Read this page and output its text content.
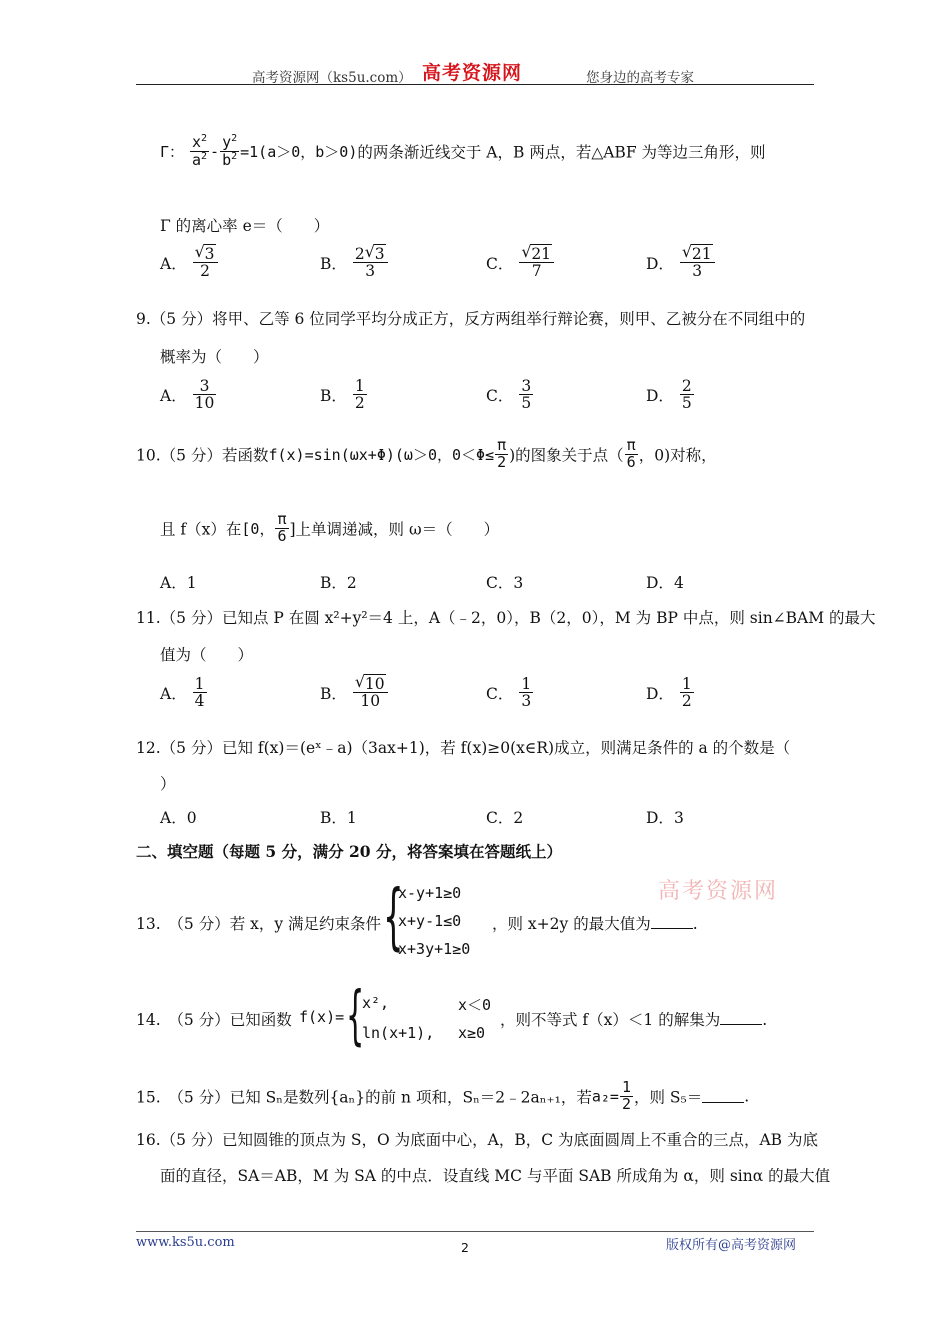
高考资源网（ks5u.com） 高考资源网	您身边的高考专家
Γ： $\frac{x^2}{a^2} - \frac{y^2}{b^2} =1(a>0$，b＞0)的两条渐近线交于 A，B 两点，若△ABF 为等边三角形，则
Γ 的离心率 e＝（　　）
A． $\frac{√ 3}{2}$	B． $\frac{2 √ 3}{3}$	C． $\frac{√ 21}{7}$	D． $\frac{√ 21}{3}$
9.（5 分）将甲、乙等 6 位同学平均分成正方，反方两组举行辩论赛，则甲、乙被分在不同组中的
概率为（　　）
A． $\frac{3}{10}$	B． $\frac{1}{2}$	C． $\frac{3}{5}$	D． $\frac{2}{5}$
10.（5 分）若函数f(x)=sin(ωx+Φ)(ω＞0，$0<\Phi\le \frac{\pi}{2}$ )的图象关于点（ $\frac{\pi}{6}$ ，0)对称，
且 f（x）在[0， $\frac{\pi}{6}$ ]上单调递减，则 ω＝（　　）
A．1	B．2	C．3	D．4
11.（5 分）已知点 P 在圆 x²+y²＝4 上，A（﹣2，0），B（2，0），M 为 BP 中点，则 sin∠BAM 的最大
值为（　　）
A． $\frac{1}{4}$	B． $\frac{√ 10}{10}$	C． $\frac{1}{3}$	D． $\frac{1}{2}$
12.（5 分）已知 f(x)＝(eˣ﹣a)（3ax+1)，若 f(x)≥0(x∈R)成立，则满足条件的 a 的个数是（
）
A．0	B．1	C．2	D．3
二、填空题（每题 5 分，满分 20 分，将答案填在答题纸上）
高考资源网
13.　（5 分）若 x，y 满足约束条件 {
x-y+1≥0
x+y-1≤0
x+3y+1≥0
，则 x+2y 的最大值为	.
14.　（5 分）已知函数 f(x)= {
x²,	x＜0
ln(x+1), x≥0
，则不等式 f（x）＜1 的解集为	.
15.　（5 分）已知 Sₙ是数列{aₙ}的前 n 项和，Sₙ＝2﹣2aₙ₊₁，若$a_2= \frac{1}{2}$ ，则 S₅＝	.
16.（5 分）已知圆锥的顶点为 S，O 为底面中心，A，B，C 为底面圆周上不重合的三点，AB 为底
面的直径，SA＝AB，M 为 SA 的中点．设直线 MC 与平面 SAB 所成角为 α，则 sinα 的最大值
www.ks5u.com	2	版权所有@高考资源网
